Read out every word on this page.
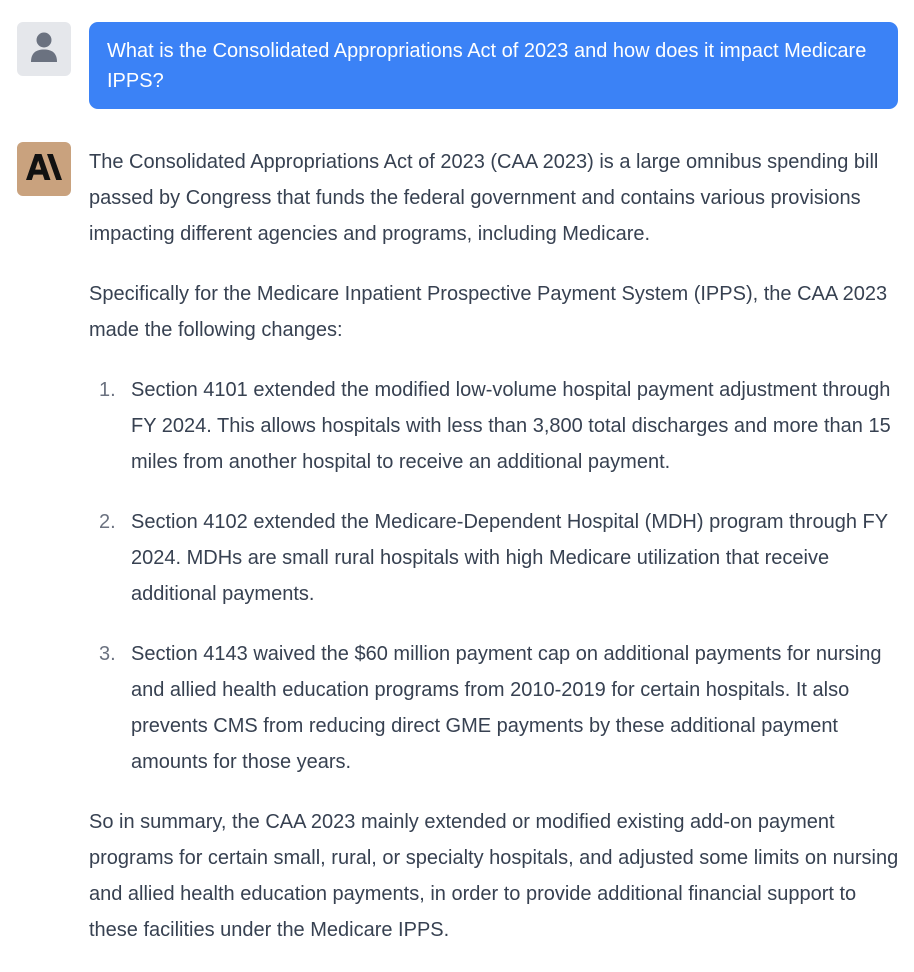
What is the Consolidated Appropriations Act of 2023 and how does it impact Medicare IPPS?

The Consolidated Appropriations Act of 2023 (CAA 2023) is a large omnibus spending bill passed by Congress that funds the federal government and contains various provisions impacting different agencies and programs, including Medicare.

Specifically for the Medicare Inpatient Prospective Payment System (IPPS), the CAA 2023 made the following changes:

1. Section 4101 extended the modified low-volume hospital payment adjustment through FY 2024. This allows hospitals with less than 3,800 total discharges and more than 15 miles from another hospital to receive an additional payment.
2. Section 4102 extended the Medicare-Dependent Hospital (MDH) program through FY 2024. MDHs are small rural hospitals with high Medicare utilization that receive additional payments.
3. Section 4143 waived the $60 million payment cap on additional payments for nursing and allied health education programs from 2010-2019 for certain hospitals. It also prevents CMS from reducing direct GME payments by these additional payment amounts for those years.

So in summary, the CAA 2023 mainly extended or modified existing add-on payment programs for certain small, rural, or specialty hospitals, and adjusted some limits on nursing and allied health education payments, in order to provide additional financial support to these facilities under the Medicare IPPS.
